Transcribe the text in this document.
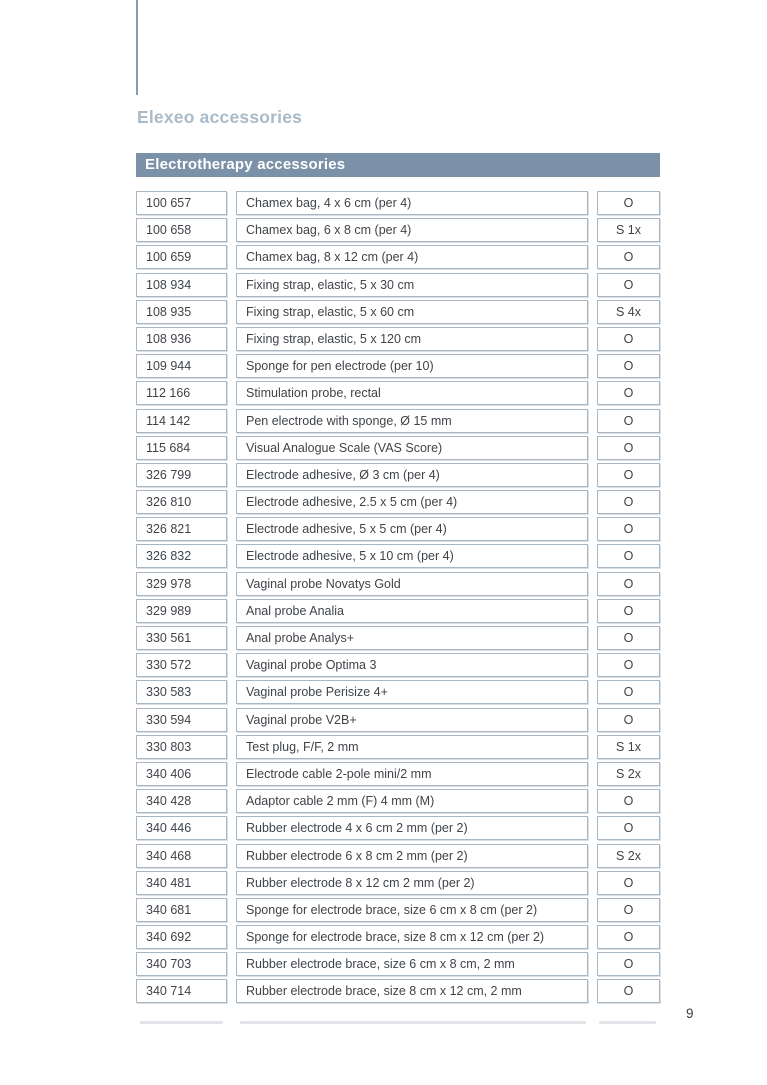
Elexeo accessories
Electrotherapy accessories
100 657	Chamex bag, 4 x 6 cm (per 4)	O
100 658	Chamex bag, 6 x 8 cm (per 4)	S 1x
100 659	Chamex bag, 8 x 12 cm (per 4)	O
108 934	Fixing strap, elastic, 5 x 30 cm	O
108 935	Fixing strap, elastic, 5 x 60 cm	S 4x
108 936	Fixing strap, elastic, 5 x 120 cm	O
109 944	Sponge for pen electrode (per 10)	O
112 166	Stimulation probe, rectal	O
114 142	Pen electrode with sponge, Ø 15 mm	O
115 684	Visual Analogue Scale (VAS Score)	O
326 799	Electrode adhesive, Ø 3 cm (per 4)	O
326 810	Electrode adhesive, 2.5 x 5 cm (per 4)	O
326 821	Electrode adhesive, 5 x 5 cm (per 4)	O
326 832	Electrode adhesive, 5 x 10 cm (per 4)	O
329 978	Vaginal probe Novatys Gold	O
329 989	Anal probe Analia	O
330 561	Anal probe Analys+	O
330 572	Vaginal probe Optima 3	O
330 583	Vaginal probe Perisize 4+	O
330 594	Vaginal probe V2B+	O
330 803	Test plug, F/F, 2 mm	S 1x
340 406	Electrode cable 2-pole mini/2 mm	S 2x
340 428	Adaptor cable 2 mm (F) 4 mm (M)	O
340 446	Rubber electrode 4 x 6 cm 2 mm (per 2)	O
340 468	Rubber electrode 6 x 8 cm 2 mm (per 2)	S 2x
340 481	Rubber electrode 8 x 12 cm 2 mm (per 2)	O
340 681	Sponge for electrode brace, size 6 cm x 8 cm (per 2)	O
340 692	Sponge for electrode brace, size 8 cm x 12 cm (per 2)	O
340 703	Rubber electrode brace, size 6 cm x 8 cm, 2 mm	O
340 714	Rubber electrode brace, size 8 cm x 12 cm, 2 mm	O
9
